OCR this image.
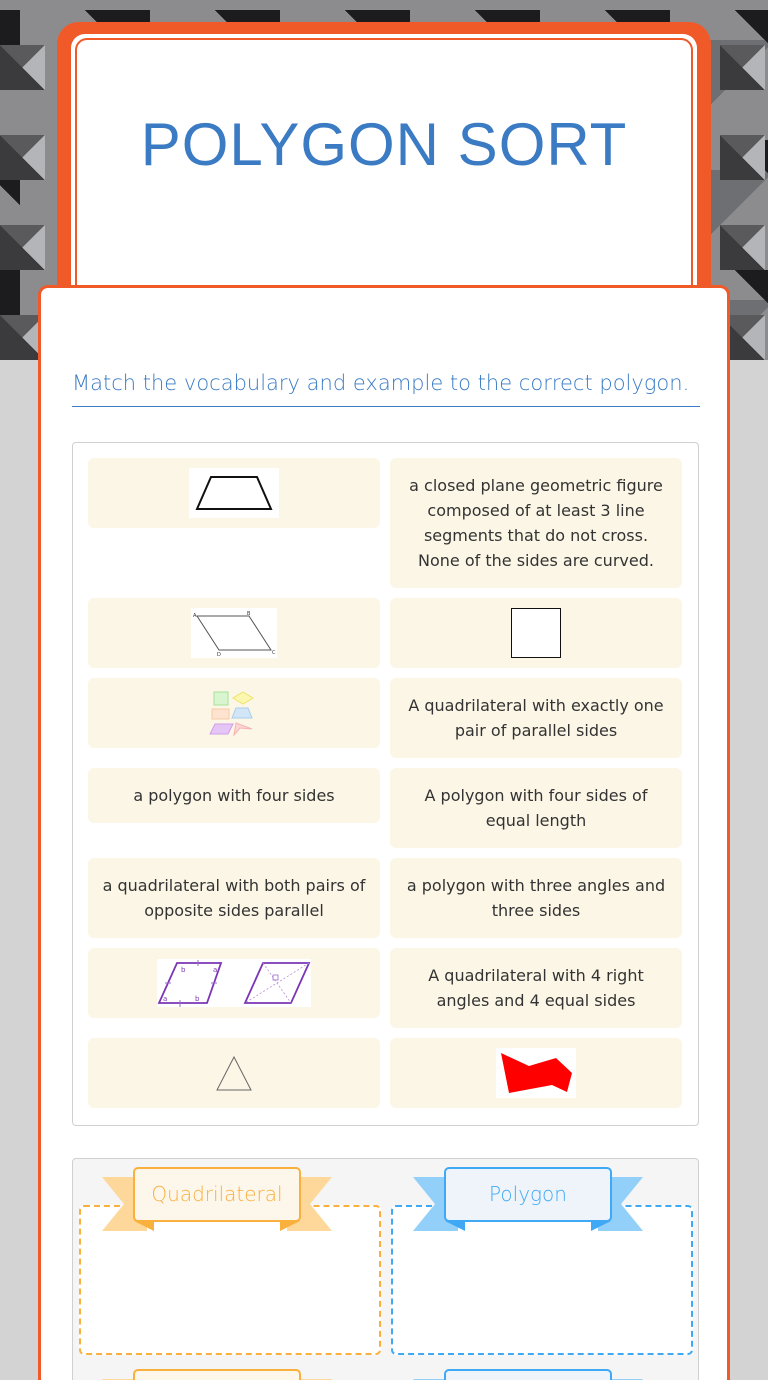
POLYGON SORT
Match the vocabulary and example to the correct polygon.
a closed plane geometric figure composed of at least 3 line segments that do not cross. None of the sides are curved.
A	B
C
D
A quadrilateral with exactly one pair of parallel sides
a polygon with four sides	A polygon with four sides of equal length
a quadrilateral with both pairs of opposite sides parallel
a polygon with three angles and three sides
b	a
a	b
A quadrilateral with 4 right angles and 4 equal sides
Quadrilateral	Polygon
